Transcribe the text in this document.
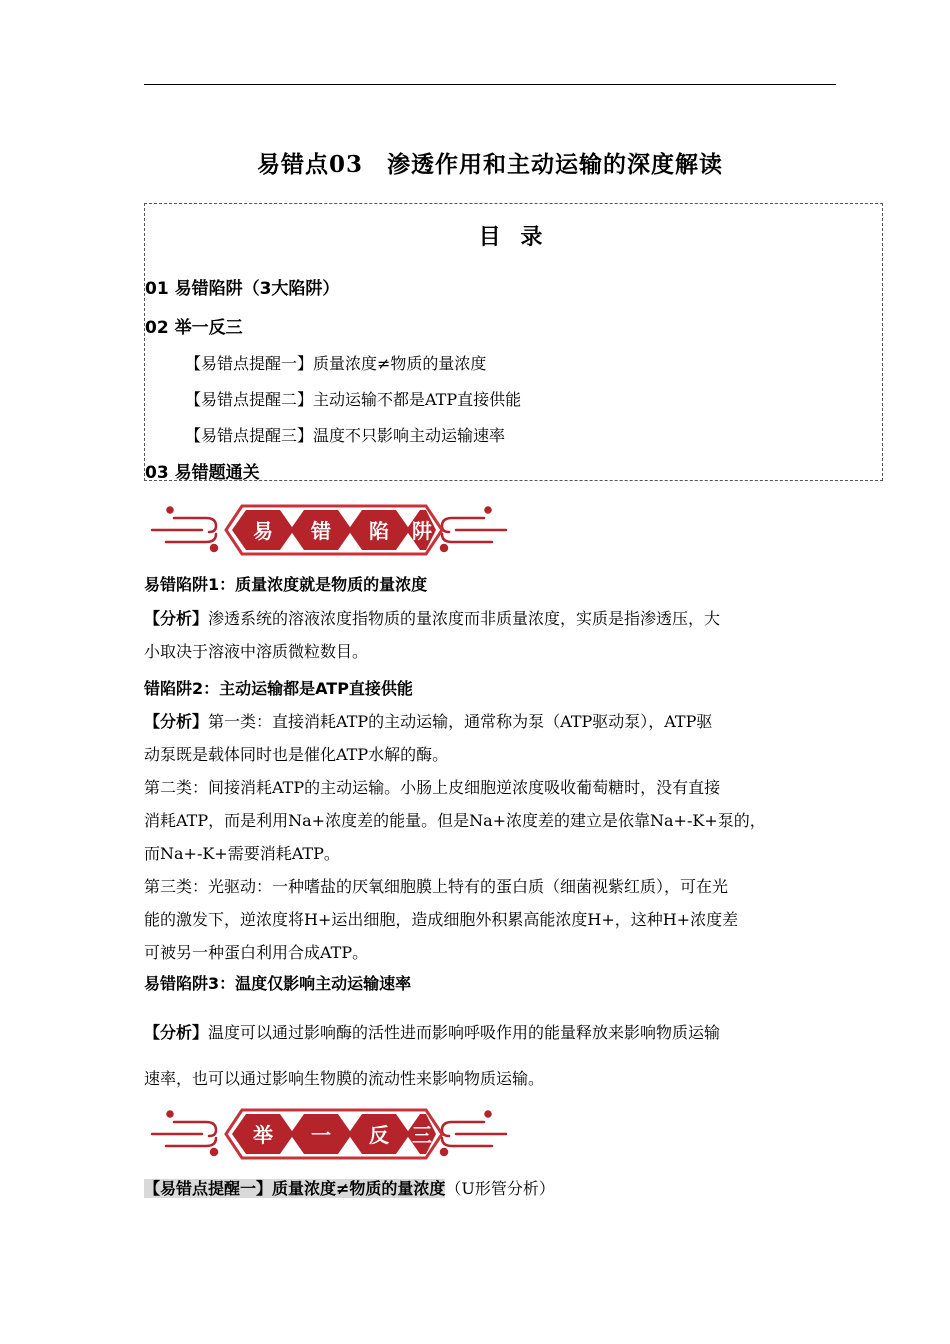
易错点03　渗透作用和主动运输的深度解读
目 录
01 易错陷阱（3大陷阱）
02 举一反三
【易错点提醒一】质量浓度≠物质的量浓度
【易错点提醒二】主动运输不都是ATP直接供能
【易错点提醒三】温度不只影响主动运输速率
03 易错题通关
易 错 陷 阱
易错陷阱1：质量浓度就是物质的量浓度

【分析】渗透系统的溶液浓度指物质的量浓度而非质量浓度，实质是指渗透压，大

小取决于溶液中溶质微粒数目。

错陷阱2：主动运输都是ATP直接供能

【分析】第一类：直接消耗ATP的主动运输，通常称为泵（ATP驱动泵），ATP驱

动泵既是载体同时也是催化ATP水解的酶。

第二类：间接消耗ATP的主动运输。小肠上皮细胞逆浓度吸收葡萄糖时，没有直接

消耗ATP，而是利用Na+浓度差的能量。但是Na+浓度差的建立是依靠Na+-K+泵的，

而Na+-K+需要消耗ATP。

第三类：光驱动：一种嗜盐的厌氧细胞膜上特有的蛋白质（细菌视紫红质），可在光

能的激发下，逆浓度将H+运出细胞，造成细胞外积累高能浓度H+，这种H+浓度差

可被另一种蛋白利用合成ATP。

易错陷阱3：温度仅影响主动运输速率

【分析】温度可以通过影响酶的活性进而影响呼吸作用的能量释放来影响物质运输

速率，也可以通过影响生物膜的流动性来影响物质运输。

举 一 反 三
【易错点提醒一】质量浓度≠物质的量浓度（U形管分析）
